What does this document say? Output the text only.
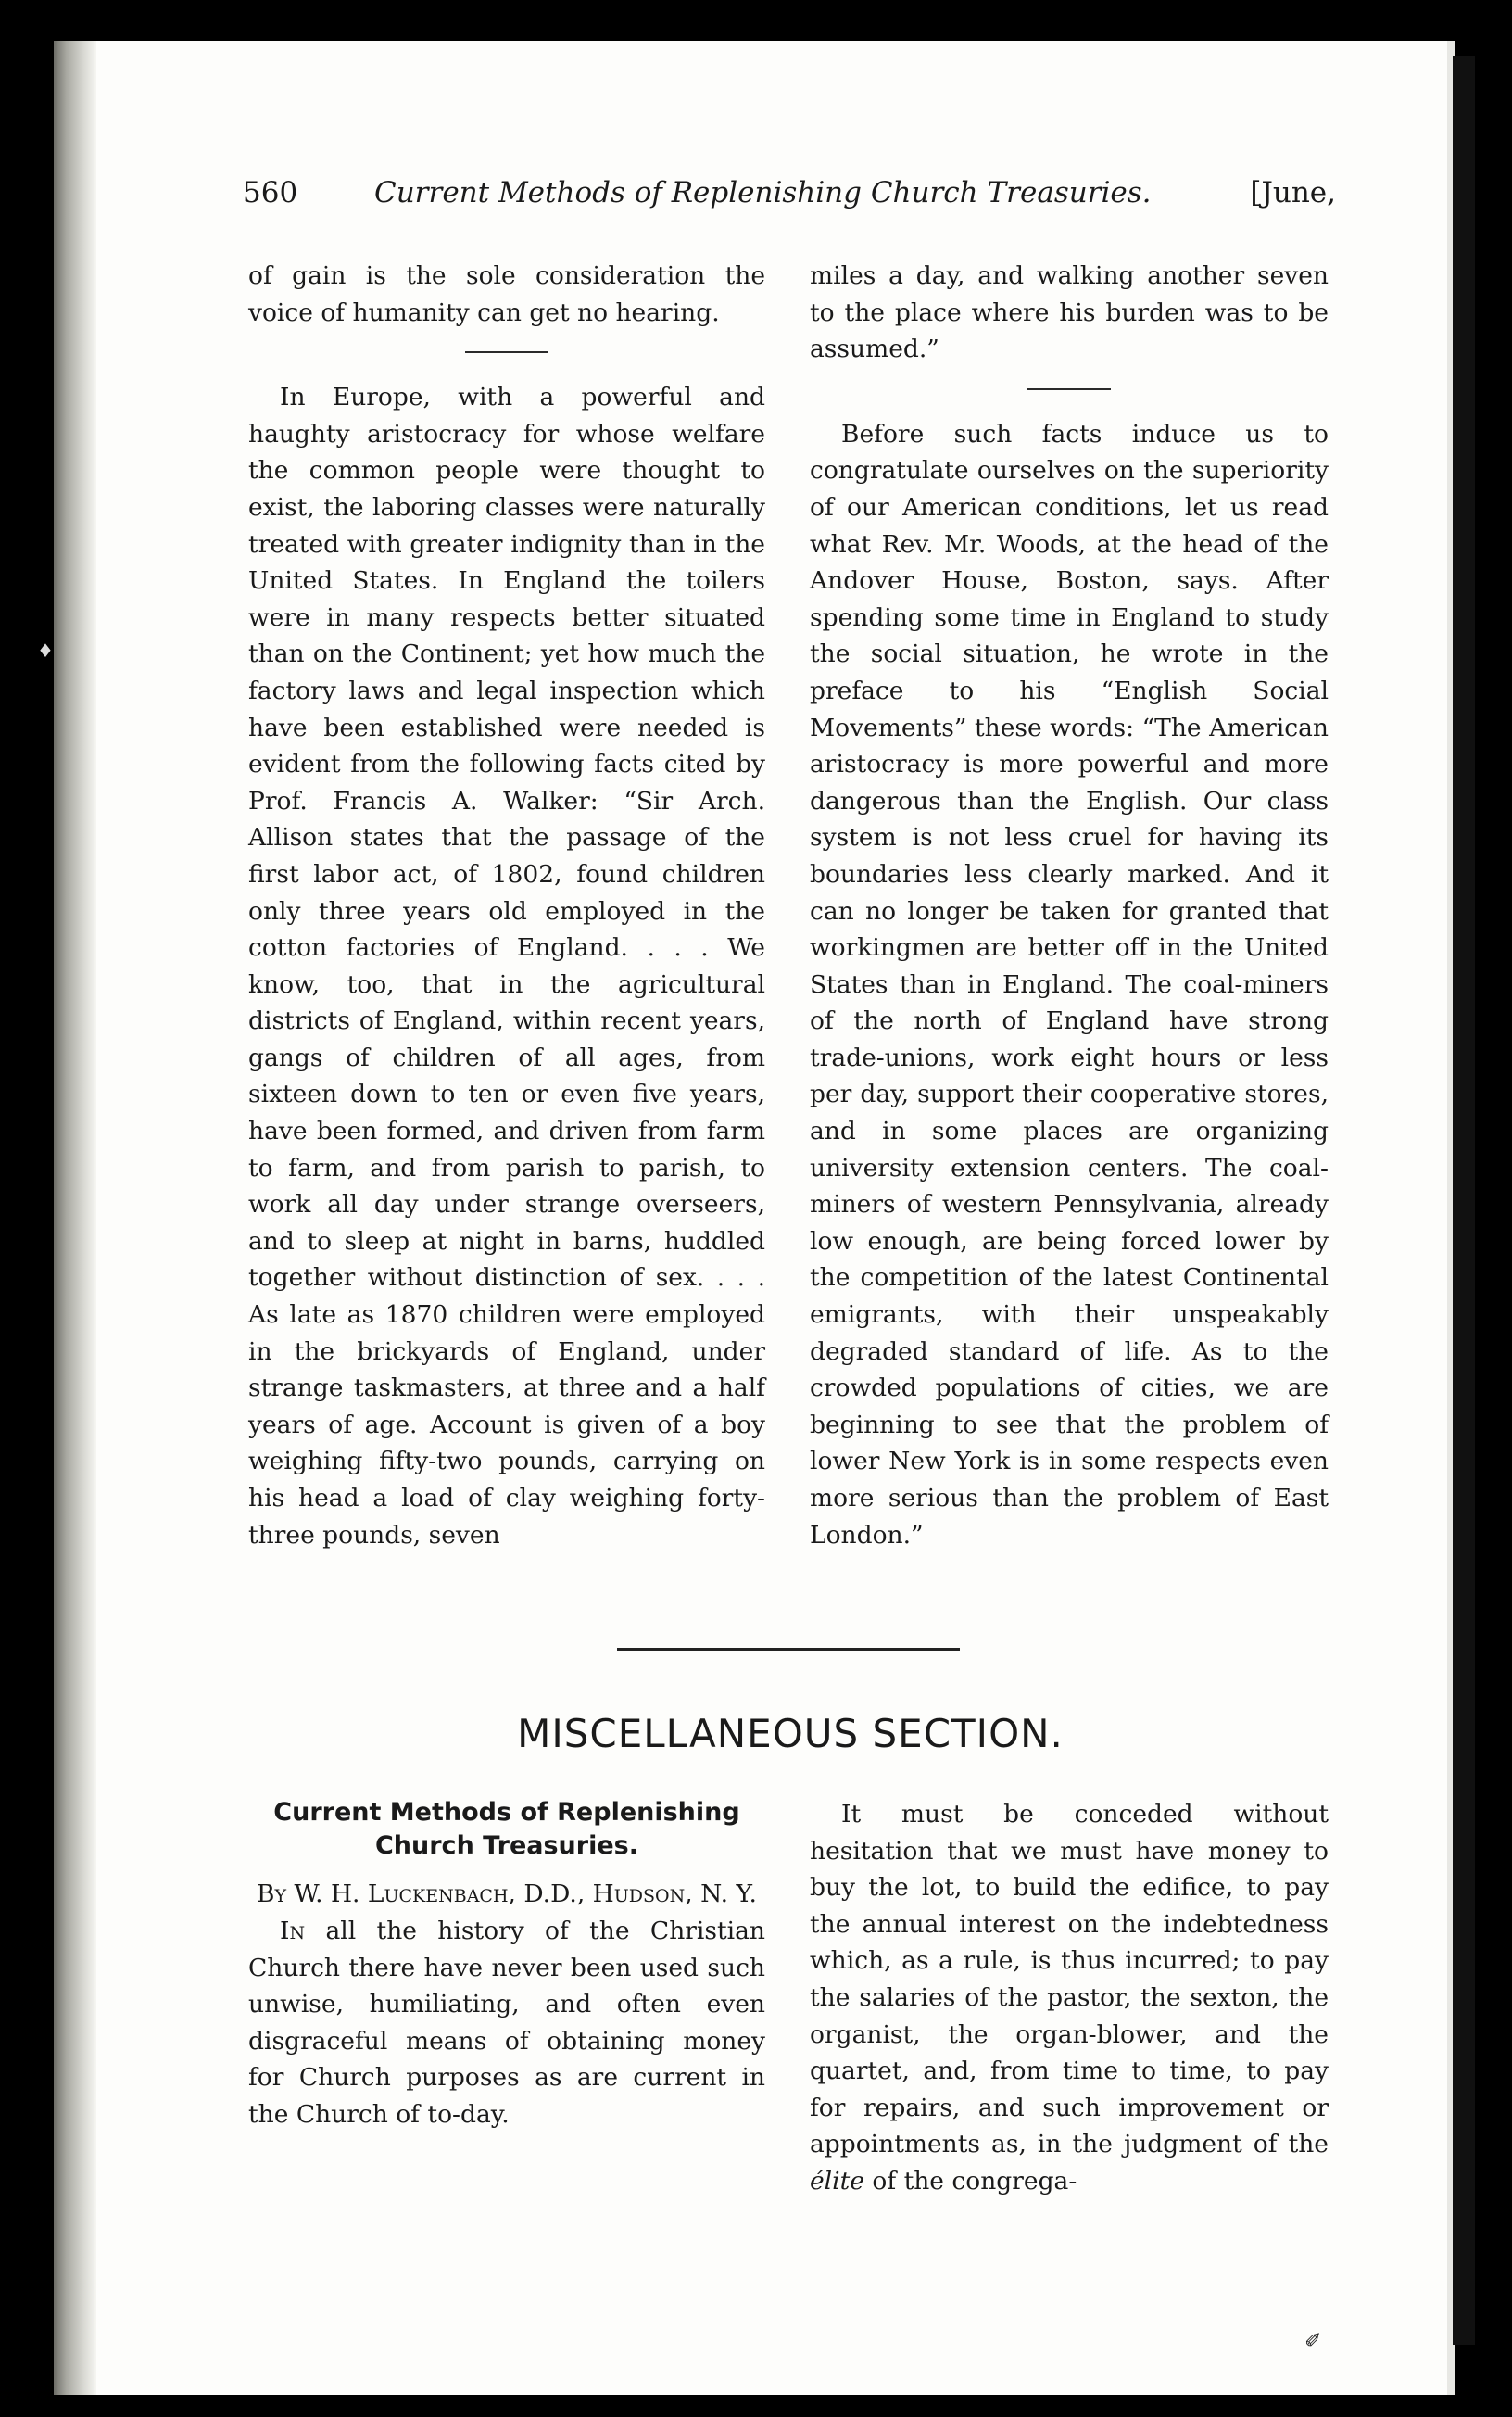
♦
✐
560	Current Methods of Replenishing Church Treasuries.	[June,

of gain is the sole consideration the voice of humanity can get no hearing.

In Europe, with a powerful and haughty aristocracy for whose welfare the common people were thought to exist, the laboring classes were naturally treated with greater indignity than in the United States. In England the toilers were in many respects better situated than on the Continent; yet how much the factory laws and legal inspection which have been established were needed is evident from the following facts cited by Prof. Francis A. Walker: “Sir Arch. Allison states that the passage of the first labor act, of 1802, found children only three years old employed in the cotton factories of England. . . . We know, too, that in the agricultural districts of England, within recent years, gangs of children of all ages, from sixteen down to ten or even five years, have been formed, and driven from farm to farm, and from parish to parish, to work all day under strange overseers, and to sleep at night in barns, huddled together without distinction of sex. . . . As late as 1870 children were employed in the brickyards of England, under strange taskmasters, at three and a half years of age. Account is given of a boy weighing fifty-two pounds, carrying on his head a load of clay weighing forty-three pounds, seven

miles a day, and walking another seven to the place where his burden was to be assumed.”

Before such facts induce us to congratulate ourselves on the superiority of our American conditions, let us read what Rev. Mr. Woods, at the head of the Andover House, Boston, says. After spending some time in England to study the social situation, he wrote in the preface to his “English Social Movements” these words: “The American aristocracy is more powerful and more dangerous than the English. Our class system is not less cruel for having its boundaries less clearly marked. And it can no longer be taken for granted that workingmen are better off in the United States than in England. The coal-miners of the north of England have strong trade-unions, work eight hours or less per day, support their cooperative stores, and in some places are organizing university extension centers. The coal-miners of western Pennsylvania, already low enough, are being forced lower by the competition of the latest Continental emigrants, with their unspeakably degraded standard of life. As to the crowded populations of cities, we are beginning to see that the problem of lower New York is in some respects even more serious than the problem of East London.”

MISCELLANEOUS SECTION.
Current Methods of Replenishing
Church Treasuries.

By W. H. Luckenbach, D.D., Hudson, N. Y.

In all the history of the Christian Church there have never been used such unwise, humiliating, and often even disgraceful means of obtaining money for Church purposes as are current in the Church of to-day.

It must be conceded without hesitation that we must have money to buy the lot, to build the edifice, to pay the annual interest on the indebtedness which, as a rule, is thus incurred; to pay the salaries of the pastor, the sexton, the organist, the organ-blower, and the quartet, and, from time to time, to pay for repairs, and such improvement or appointments as, in the judgment of the élite of the congrega-
